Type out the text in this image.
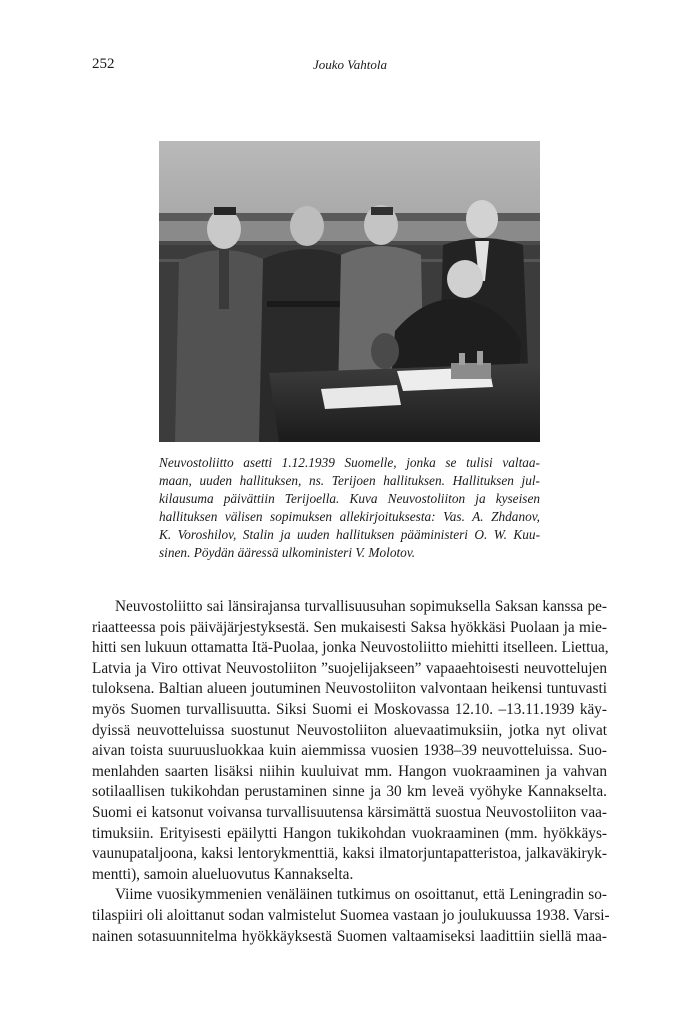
252	Jouko Vahtola

Neuvostoliitto asetti 1.12.1939 Suomelle, jonka se tulisi valtaa-
maan, uuden hallituksen, ns. Terijoen hallituksen. Hallituksen jul-
kilausuma päivättiin Terijoella. Kuva Neuvostoliiton ja kyseisen
hallituksen välisen sopimuksen allekirjoituksesta: Vas. A. Zhdanov,
K. Voroshilov, Stalin ja uuden hallituksen pääministeri O. W. Kuu-
sinen. Pöydän ääressä ulkoministeri V. Molotov.

Neuvostoliitto sai länsirajansa turvallisuusuhan sopimuksella Saksan kanssa pe-
riaatteessa pois päiväjärjestyksestä. Sen mukaisesti Saksa hyökkäsi Puolaan ja mie-
hitti sen lukuun ottamatta Itä-Puolaa, jonka Neuvostoliitto miehitti itselleen. Liettua,
Latvia ja Viro ottivat Neuvostoliiton ”suojelijakseen” vapaaehtoisesti neuvottelujen
tuloksena. Baltian alueen joutuminen Neuvostoliiton valvontaan heikensi tuntuvasti
myös Suomen turvallisuutta. Siksi Suomi ei Moskovassa 12.10. –13.11.1939 käy-
dyissä neuvotteluissa suostunut Neuvostoliiton aluevaatimuksiin, jotka nyt olivat
aivan toista suuruusluokkaa kuin aiemmissa vuosien 1938–39 neuvotteluissa. Suo-
menlahden saarten lisäksi niihin kuuluivat mm. Hangon vuokraaminen ja vahvan
sotilaallisen tukikohdan perustaminen sinne ja 30 km leveä vyöhyke Kannakselta.
Suomi ei katsonut voivansa turvallisuutensa kärsimättä suostua Neuvostoliiton vaa-
timuksiin. Erityisesti epäilytti Hangon tukikohdan vuokraaminen (mm. hyökkäys-
vaunupataljoona, kaksi lentorykmenttiä, kaksi ilmatorjuntapatteristoa, jalkaväkiryk-
mentti), samoin alueluovutus Kannakselta.
Viime vuosikymmenien venäläinen tutkimus on osoittanut, että Leningradin so-
tilaspiiri oli aloittanut sodan valmistelut Suomea vastaan jo joulukuussa 1938. Varsi-
nainen sotasuunnitelma hyökkäyksestä Suomen valtaamiseksi laadittiin siellä maa-
